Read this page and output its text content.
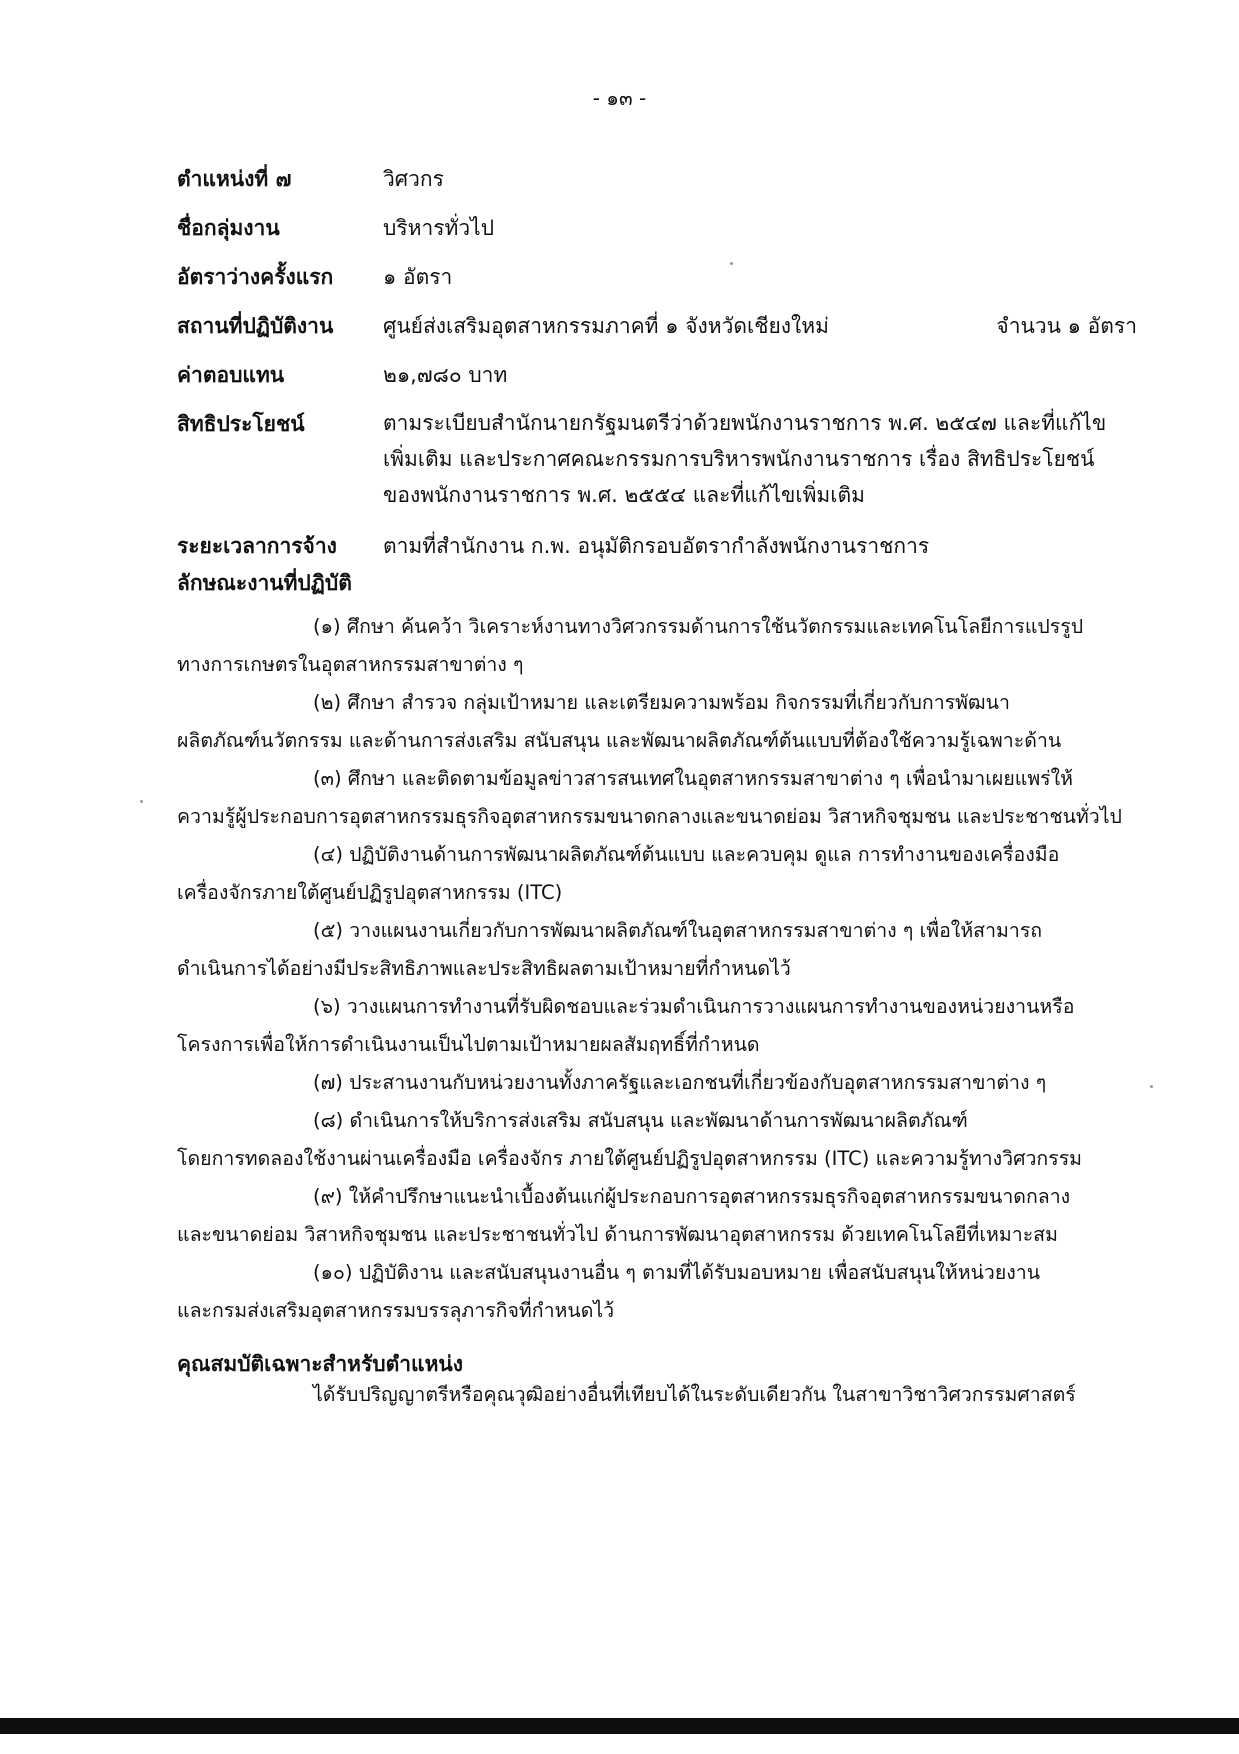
- ๑๓ -
ตำแหน่งที่ ๗	วิศวกร
ชื่อกลุ่มงาน	บริหารทั่วไป
อัตราว่างครั้งแรก	๑ อัตรา
สถานที่ปฏิบัติงาน	ศูนย์ส่งเสริมอุตสาหกรรมภาคที่ ๑ จังหวัดเชียงใหม่	จำนวน ๑ อัตรา
ค่าตอบแทน	๒๑,๗๘๐ บาท
สิทธิประโยชน์	ตามระเบียบสำนักนายกรัฐมนตรีว่าด้วยพนักงานราชการ พ.ศ. ๒๕๔๗ และที่แก้ไข
เพิ่มเติม และประกาศคณะกรรมการบริหารพนักงานราชการ เรื่อง สิทธิประโยชน์
ของพนักงานราชการ พ.ศ. ๒๕๕๔ และที่แก้ไขเพิ่มเติม
ระยะเวลาการจ้าง	ตามที่สำนักงาน ก.พ. อนุมัติกรอบอัตรากำลังพนักงานราชการ
ลักษณะงานที่ปฏิบัติ
(๑) ศึกษา ค้นคว้า วิเคราะห์งานทางวิศวกรรมด้านการใช้นวัตกรรมและเทคโนโลยีการแปรรูป
ทางการเกษตรในอุตสาหกรรมสาขาต่าง ๆ
(๒) ศึกษา สำรวจ กลุ่มเป้าหมาย และเตรียมความพร้อม กิจกรรมที่เกี่ยวกับการพัฒนา
ผลิตภัณฑ์นวัตกรรม และด้านการส่งเสริม สนับสนุน และพัฒนาผลิตภัณฑ์ต้นแบบที่ต้องใช้ความรู้เฉพาะด้าน
(๓) ศึกษา และติดตามข้อมูลข่าวสารสนเทศในอุตสาหกรรมสาขาต่าง ๆ เพื่อนำมาเผยแพร่ให้
ความรู้ผู้ประกอบการอุตสาหกรรมธุรกิจอุตสาหกรรมขนาดกลางและขนาดย่อม วิสาหกิจชุมชน และประชาชนทั่วไป
(๔) ปฏิบัติงานด้านการพัฒนาผลิตภัณฑ์ต้นแบบ และควบคุม ดูแล การทำงานของเครื่องมือ
เครื่องจักรภายใต้ศูนย์ปฏิรูปอุตสาหกรรม (ITC)
(๕) วางแผนงานเกี่ยวกับการพัฒนาผลิตภัณฑ์ในอุตสาหกรรมสาขาต่าง ๆ เพื่อให้สามารถ
ดำเนินการได้อย่างมีประสิทธิภาพและประสิทธิผลตามเป้าหมายที่กำหนดไว้
(๖) วางแผนการทำงานที่รับผิดชอบและร่วมดำเนินการวางแผนการทำงานของหน่วยงานหรือ
โครงการเพื่อให้การดำเนินงานเป็นไปตามเป้าหมายผลสัมฤทธิ์ที่กำหนด
(๗) ประสานงานกับหน่วยงานทั้งภาครัฐและเอกชนที่เกี่ยวข้องกับอุตสาหกรรมสาขาต่าง ๆ
(๘) ดำเนินการให้บริการส่งเสริม สนับสนุน และพัฒนาด้านการพัฒนาผลิตภัณฑ์
โดยการทดลองใช้งานผ่านเครื่องมือ เครื่องจักร ภายใต้ศูนย์ปฏิรูปอุตสาหกรรม (ITC) และความรู้ทางวิศวกรรม
(๙) ให้คำปรึกษาแนะนำเบื้องต้นแก่ผู้ประกอบการอุตสาหกรรมธุรกิจอุตสาหกรรมขนาดกลาง
และขนาดย่อม วิสาหกิจชุมชน และประชาชนทั่วไป ด้านการพัฒนาอุตสาหกรรม ด้วยเทคโนโลยีที่เหมาะสม
(๑๐) ปฏิบัติงาน และสนับสนุนงานอื่น ๆ ตามที่ได้รับมอบหมาย เพื่อสนับสนุนให้หน่วยงาน
และกรมส่งเสริมอุตสาหกรรมบรรลุภารกิจที่กำหนดไว้
คุณสมบัติเฉพาะสำหรับตำแหน่ง
ได้รับปริญญาตรีหรือคุณวุฒิอย่างอื่นที่เทียบได้ในระดับเดียวกัน ในสาขาวิชาวิศวกรรมศาสตร์
